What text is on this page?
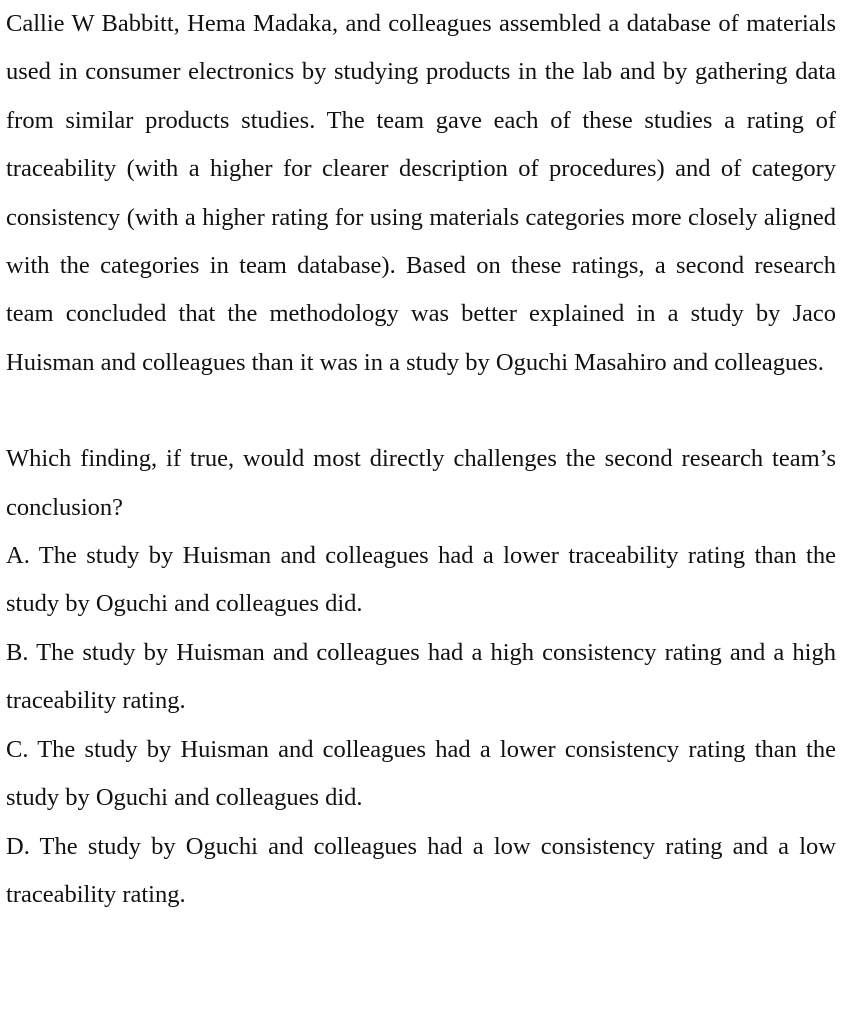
Callie W Babbitt, Hema Madaka, and colleagues assembled a database of materials used in consumer electronics by studying products in the lab and by gathering data from similar products studies. The team gave each of these studies a rating of traceability (with a higher for clearer description of procedures) and of category consistency (with a higher rating for using materials categories more closely aligned with the categories in team database). Based on these ratings, a second research team concluded that the methodology was better explained in a study by Jaco Huisman and colleagues than it was in a study by Oguchi Masahiro and colleagues.

Which finding, if true, would most directly challenges the second research team’s conclusion?

A. The study by Huisman and colleagues had a lower traceability rating than the study by Oguchi and colleagues did.
B. The study by Huisman and colleagues had a high consistency rating and a high traceability rating.
C. The study by Huisman and colleagues had a lower consistency rating than the study by Oguchi and colleagues did.
D. The study by Oguchi and colleagues had a low consistency rating and a low traceability rating.
